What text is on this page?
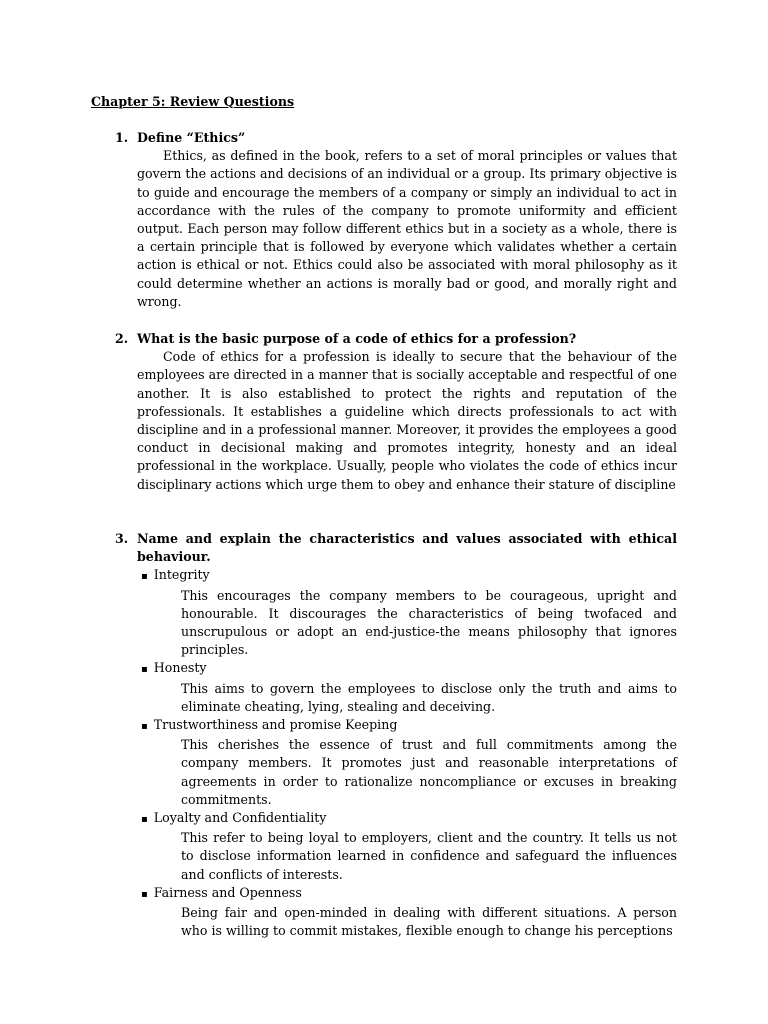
Chapter 5: Review Questions
1. Define “Ethics”

Ethics, as defined in the book, refers to a set of moral principles or values that govern the actions and decisions of an individual or a group. Its primary objective is to guide and encourage the members of a company or simply an individual to act in accordance with the rules of the company to promote uniformity and efficient output. Each person may follow different ethics but in a society as a whole, there is a certain principle that is followed by everyone which validates whether a certain action is ethical or not. Ethics could also be associated with moral philosophy as it could determine whether an actions is morally bad or good, and morally right and wrong.

2. What is the basic purpose of a code of ethics for a profession?

Code of ethics for a profession is ideally to secure that the behaviour of the employees are directed in a manner that is socially acceptable and respectful of one another. It is also established to protect the rights and reputation of the professionals. It establishes a guideline which directs professionals to act with discipline and in a professional manner. Moreover, it provides the employees a good conduct in decisional making and promotes integrity, honesty and an ideal professional in the workplace. Usually, people who violates the code of ethics incur disciplinary actions which urge them to obey and enhance their stature of discipline

3. Name and explain the characteristics and values associated with ethical behaviour.
▪ Integrity
This encourages the company members to be courageous, upright and honourable. It discourages the characteristics of being twofaced and unscrupulous or adopt an end-justice-the means philosophy that ignores principles.
▪ Honesty
This aims to govern the employees to disclose only the truth and aims to eliminate cheating, lying, stealing and deceiving.
▪ Trustworthiness and promise Keeping
This cherishes the essence of trust and full commitments among the company members. It promotes just and reasonable interpretations of agreements in order to rationalize noncompliance or excuses in breaking commitments.
▪ Loyalty and Confidentiality
This refer to being loyal to employers, client and the country. It tells us not to disclose information learned in confidence and safeguard the influences and conflicts of interests.
▪ Fairness and Openness
Being fair and open-minded in dealing with different situations. A person who is willing to commit mistakes, flexible enough to change his perceptions
